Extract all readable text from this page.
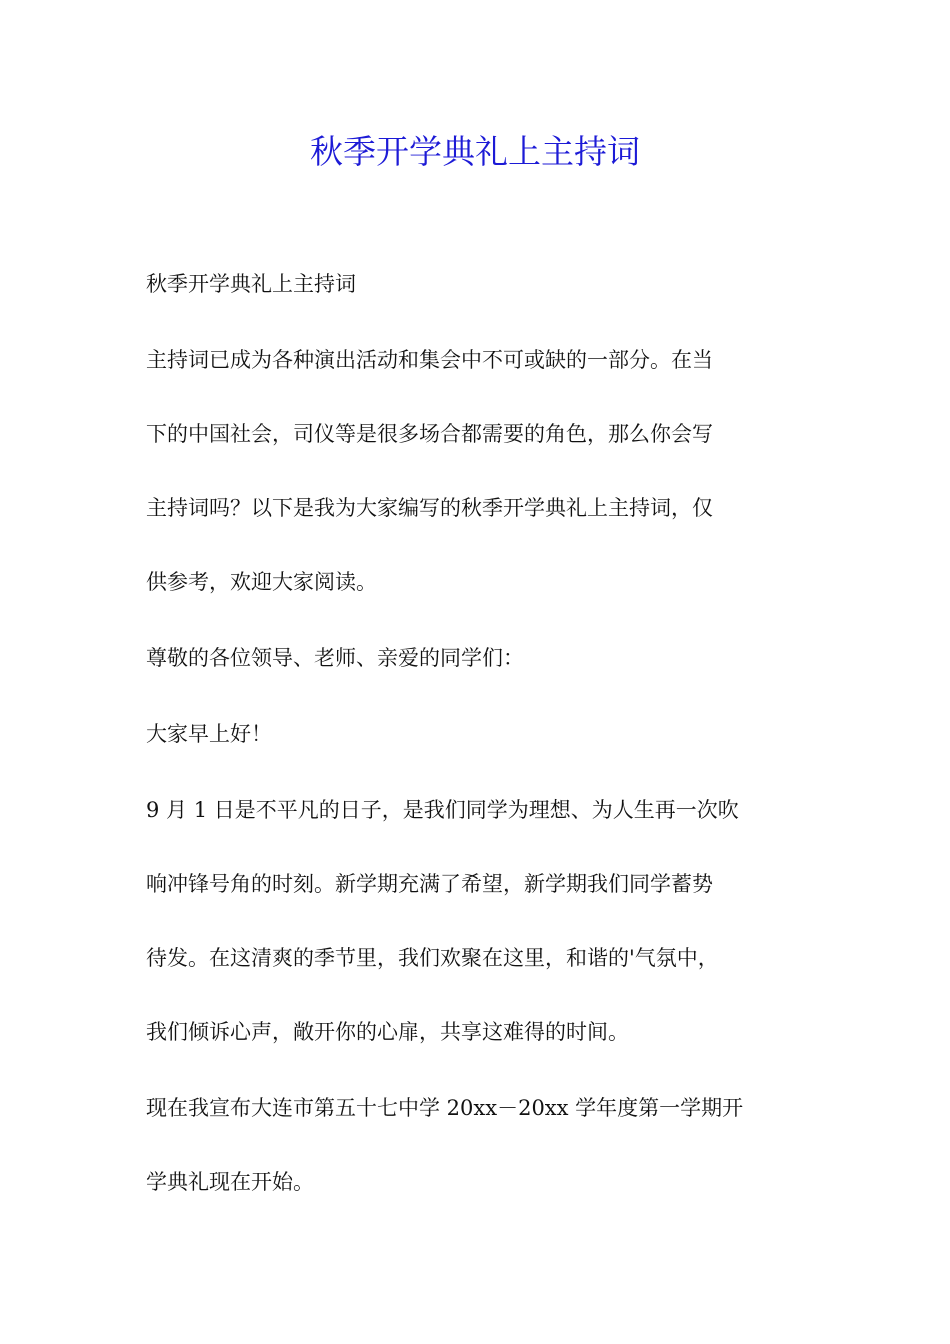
秋季开学典礼上主持词

秋季开学典礼上主持词

主持词已成为各种演出活动和集会中不可或缺的一部分。在当
下的中国社会，司仪等是很多场合都需要的角色，那么你会写
主持词吗？以下是我为大家编写的秋季开学典礼上主持词，仅
供参考，欢迎大家阅读。

尊敬的各位领导、老师、亲爱的同学们：

大家早上好！

9 月 1 日是不平凡的日子，是我们同学为理想、为人生再一次吹
响冲锋号角的时刻。新学期充满了希望，新学期我们同学蓄势
待发。在这清爽的季节里，我们欢聚在这里，和谐的'气氛中，
我们倾诉心声，敞开你的心扉，共享这难得的时间。

现在我宣布大连市第五十七中学 20xx－20xx 学年度第一学期开
学典礼现在开始。
